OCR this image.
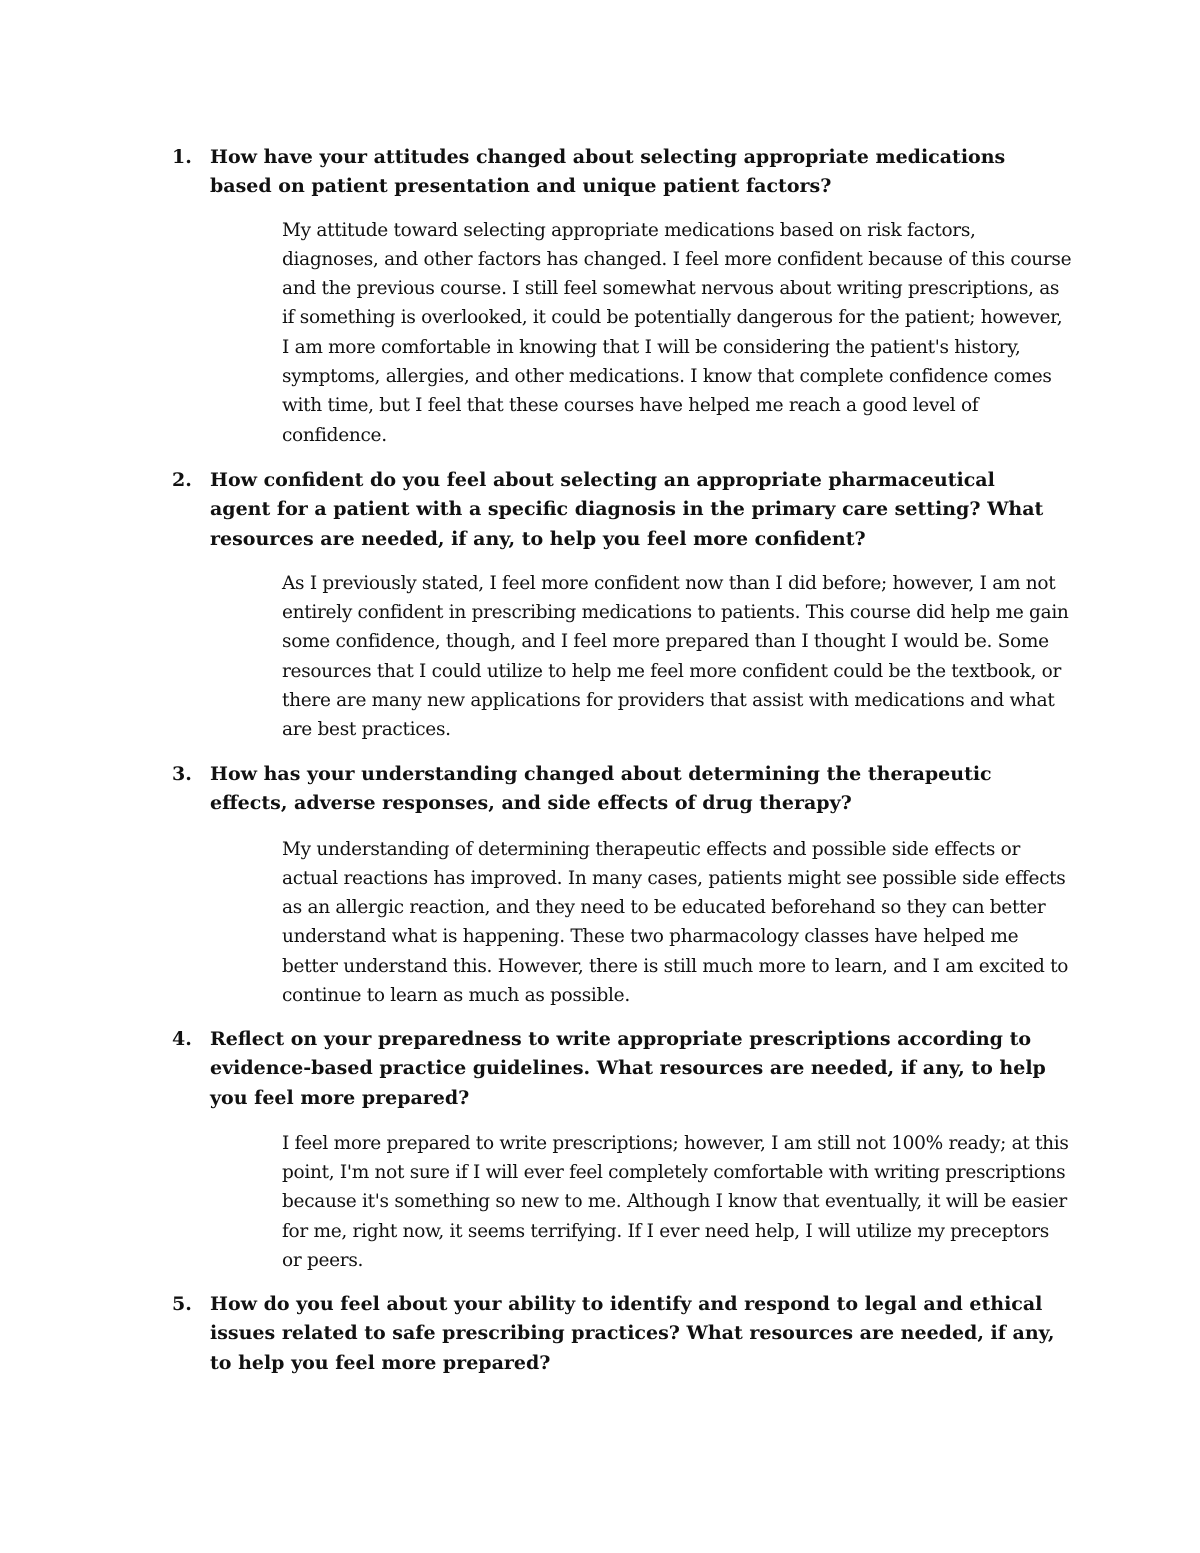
1. How have your attitudes changed about selecting appropriate medications based on patient presentation and unique patient factors?

My attitude toward selecting appropriate medications based on risk factors, diagnoses, and other factors has changed. I feel more confident because of this course and the previous course. I still feel somewhat nervous about writing prescriptions, as if something is overlooked, it could be potentially dangerous for the patient; however, I am more comfortable in knowing that I will be considering the patient's history, symptoms, allergies, and other medications. I know that complete confidence comes with time, but I feel that these courses have helped me reach a good level of confidence.

2. How confident do you feel about selecting an appropriate pharmaceutical agent for a patient with a specific diagnosis in the primary care setting? What resources are needed, if any, to help you feel more confident?

As I previously stated, I feel more confident now than I did before; however, I am not entirely confident in prescribing medications to patients. This course did help me gain some confidence, though, and I feel more prepared than I thought I would be. Some resources that I could utilize to help me feel more confident could be the textbook, or there are many new applications for providers that assist with medications and what are best practices.

3. How has your understanding changed about determining the therapeutic effects, adverse responses, and side effects of drug therapy?

My understanding of determining therapeutic effects and possible side effects or actual reactions has improved. In many cases, patients might see possible side effects as an allergic reaction, and they need to be educated beforehand so they can better understand what is happening. These two pharmacology classes have helped me better understand this. However, there is still much more to learn, and I am excited to continue to learn as much as possible.

4. Reflect on your preparedness to write appropriate prescriptions according to evidence-based practice guidelines. What resources are needed, if any, to help you feel more prepared?

I feel more prepared to write prescriptions; however, I am still not 100% ready; at this point, I'm not sure if I will ever feel completely comfortable with writing prescriptions because it's something so new to me. Although I know that eventually, it will be easier for me, right now, it seems terrifying. If I ever need help, I will utilize my preceptors or peers.

5. How do you feel about your ability to identify and respond to legal and ethical issues related to safe prescribing practices? What resources are needed, if any, to help you feel more prepared?
